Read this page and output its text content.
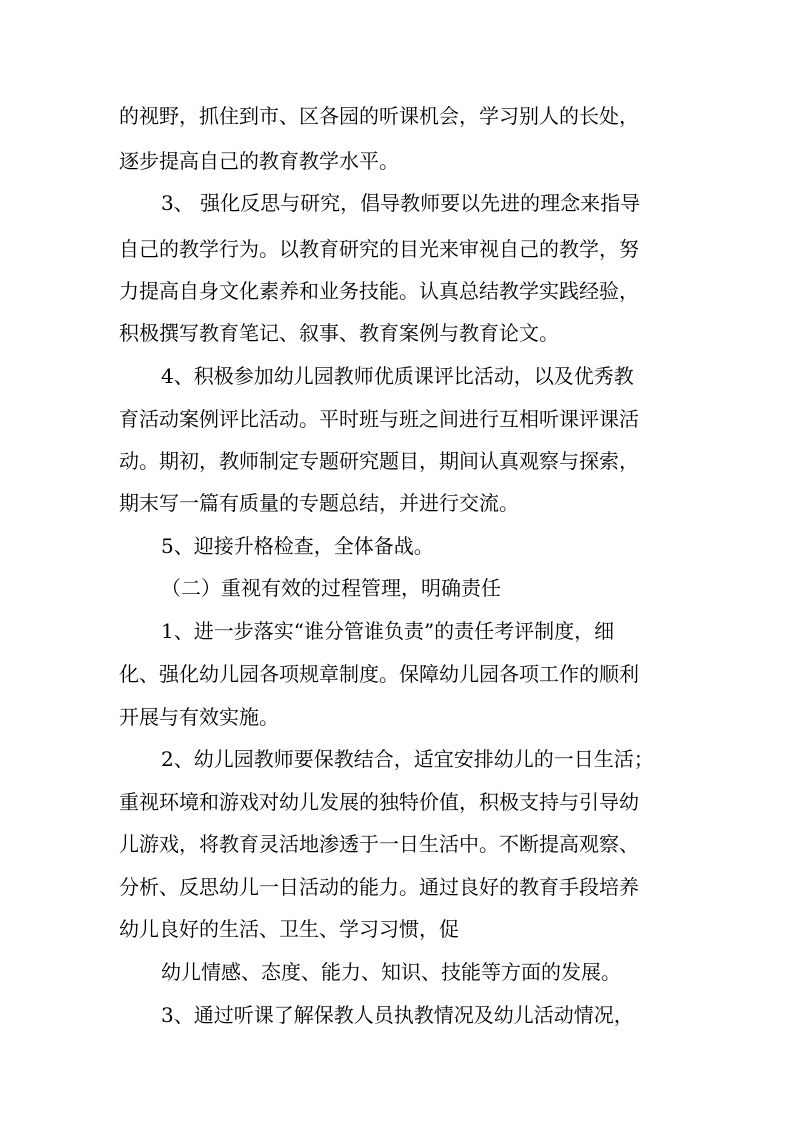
的视野，抓住到市、区各园的听课机会，学习别人的长处，
逐步提高自己的教育教学水平。
3、 强化反思与研究，倡导教师要以先进的理念来指导
自己的教学行为。以教育研究的目光来审视自己的教学，努
力提高自身文化素养和业务技能。认真总结教学实践经验，
积极撰写教育笔记、叙事、教育案例与教育论文。
4、积极参加幼儿园教师优质课评比活动，以及优秀教
育活动案例评比活动。平时班与班之间进行互相听课评课活
动。期初，教师制定专题研究题目，期间认真观察与探索，
期末写一篇有质量的专题总结，并进行交流。
5、迎接升格检查，全体备战。
（二）重视有效的过程管理，明确责任
1、进一步落实“谁分管谁负责”的责任考评制度，细
化、强化幼儿园各项规章制度。保障幼儿园各项工作的顺利
开展与有效实施。
2、幼儿园教师要保教结合，适宜安排幼儿的一日生活；
重视环境和游戏对幼儿发展的独特价值，积极支持与引导幼
儿游戏，将教育灵活地渗透于一日生活中。不断提高观察、
分析、反思幼儿一日活动的能力。通过良好的教育手段培养
幼儿良好的生活、卫生、学习习惯，促
幼儿情感、态度、能力、知识、技能等方面的发展。
3、通过听课了解保教人员执教情况及幼儿活动情况，
